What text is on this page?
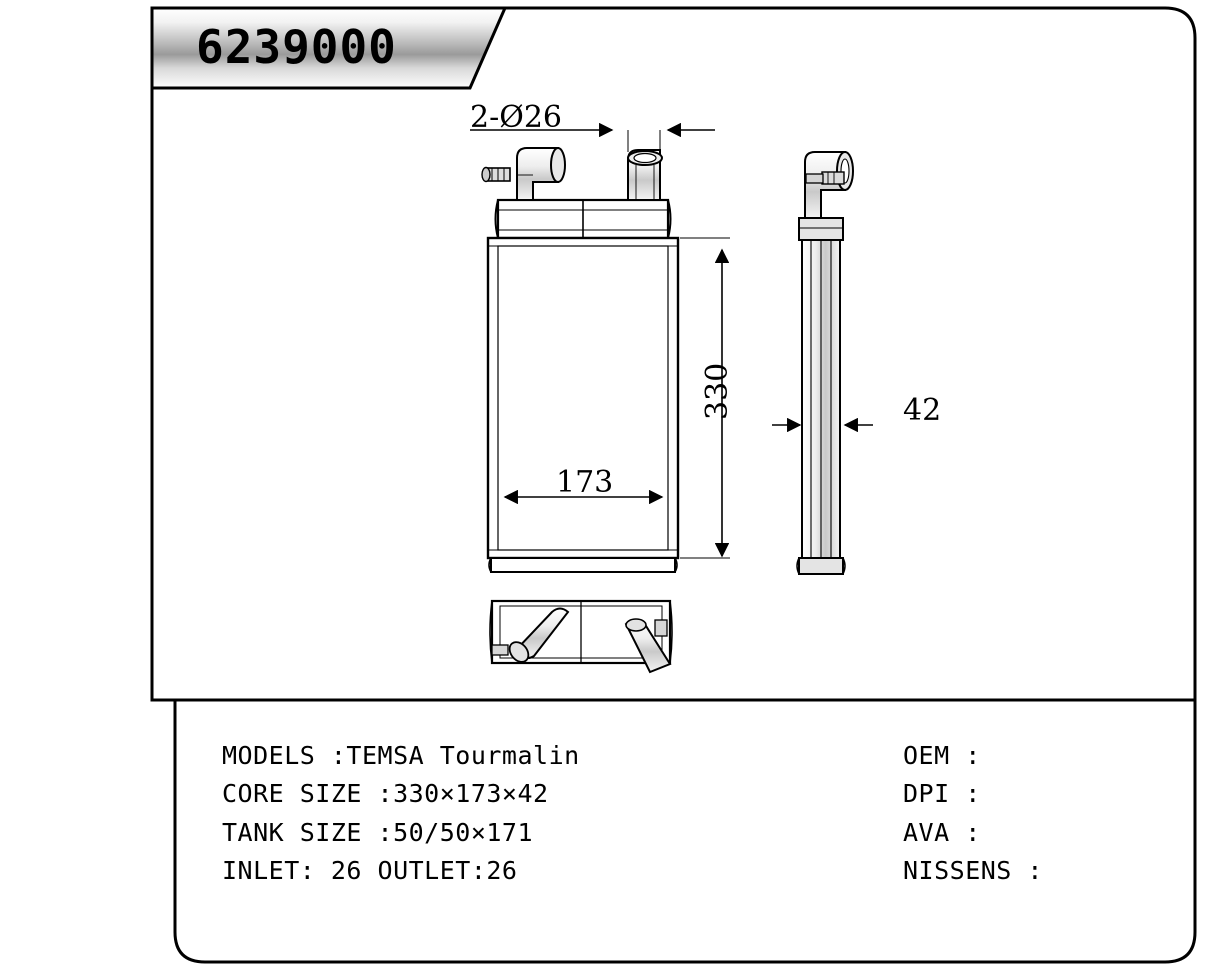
6239000
2-Ø26
330
173
42
MODELS :TEMSA Tourmalin
CORE SIZE :330×173×42
TANK SIZE :50/50×171
INLET: 26 OUTLET:26
OEM :
DPI :
AVA :
NISSENS :
